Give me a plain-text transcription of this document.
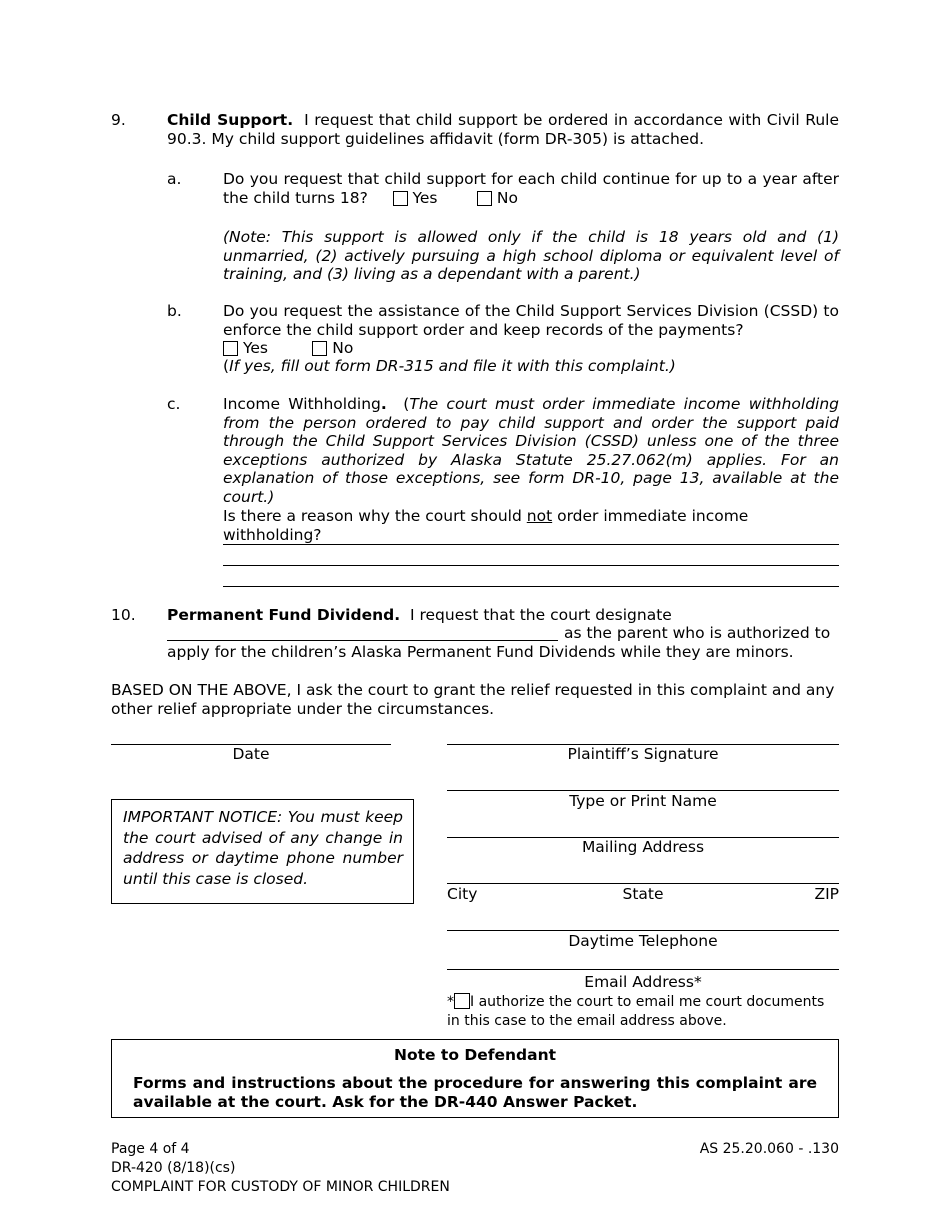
9.	Child Support. I request that child support be ordered in accordance with Civil Rule 90.3. My child support guidelines affidavit (form DR-305) is attached.
a.	Do you request that child support for each child continue for up to a year after the child turns 18?	Yes	No
(Note: This support is allowed only if the child is 18 years old and (1) unmarried, (2) actively pursuing a high school diploma or equivalent level of training, and (3) living as a dependant with a parent.)
b.	Do you request the assistance of the Child Support Services Division (CSSD) to enforce the child support order and keep records of the payments?
Yes	No
(If yes, fill out form DR-315 and file it with this complaint.)
c.	Income Withholding. (The court must order immediate income withholding from the person ordered to pay child support and order the support paid through the Child Support Services Division (CSSD) unless one of the three exceptions authorized by Alaska Statute 25.27.062(m) applies. For an explanation of those exceptions, see form DR-10, page 13, available at the court.)
Is there a reason why the court should not order immediate income withholding?
10. Permanent Fund Dividend. I request that the court designate
as the parent who is authorized to
apply for the children’s Alaska Permanent Fund Dividends while they are minors.
BASED ON THE ABOVE, I ask the court to grant the relief requested in this complaint and any other relief appropriate under the circumstances.
Date	Plaintiff’s Signature
Type or Print Name
Mailing Address
City	State	ZIP
Daytime Telephone
Email Address*
* I authorize the court to email me court documents in this case to the email address above.
IMPORTANT NOTICE: You must keep the court advised of any change in address or daytime phone number until this case is closed.
Note to Defendant
Forms and instructions about the procedure for answering this complaint are available at the court. Ask for the DR-440 Answer Packet.
Page 4 of 4
DR-420 (8/18)(cs)
COMPLAINT FOR CUSTODY OF MINOR CHILDREN
AS 25.20.060 - .130
